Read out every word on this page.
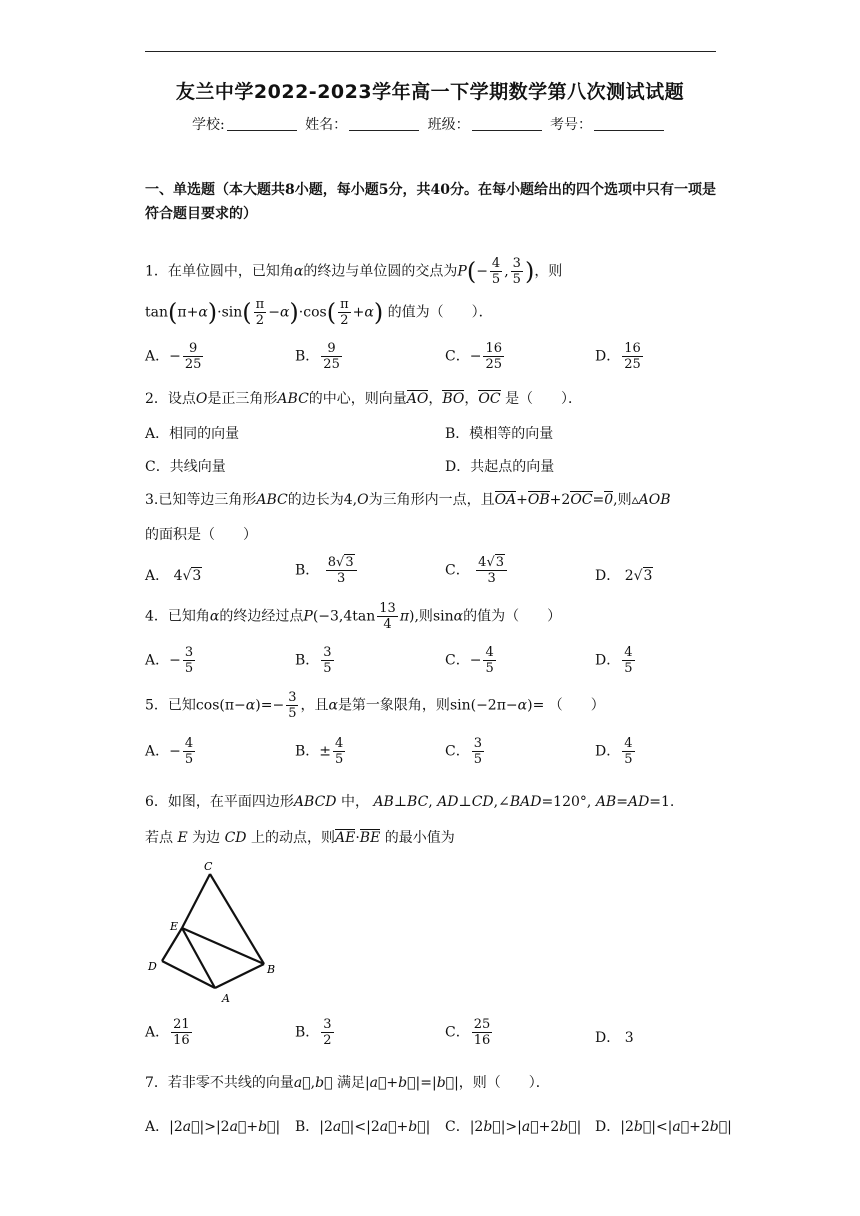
友兰中学2022-2023学年高一下学期数学第八次测试试题
学校:	姓名：	班级：	考号：
一、单选题（本大题共8小题，每小题5分，共40分。在每小题给出的四个选项中只有一项是符合题目要求的）
1．在单位圆中，已知角α的终边与单位圆的交点为$P(- \frac{4}{5}$ , $\frac{3}{5}$ )，则
$\tan(\pi+\alpha)\cdot\sin( \frac{\pi}{2} -\alpha)\cdot\cos( \frac{\pi}{2} +\alpha)$ 的值为（　　）．
A．− $\frac{9}{25}$	B． $\frac{9}{25}$	C．− $\frac{16}{25}$	D． $\frac{16}{25}$
2．设点O是正三角形ABC的中心，则向量AO，BO，OC 是（　　）．
A．相同的向量	B．模相等的向量
C．共线向量	D．共起点的向量
3.已知等边三角形ABC的边长为4,O为三角形内一点，且OA+OB+2OC=0,则▵AOB
的面积是（　　）
A． 4√3	B． $\frac{8√3}{3}$	C． $\frac{4√3}{3}$	D． 2√3
4．已知角α的终边经过点$P(-3,4\tan \frac{13}{4} \pi)$,则sinα的值为（　　）
A．− $\frac{3}{5}$	B． $\frac{3}{5}$	C．− $\frac{4}{5}$	D． $\frac{4}{5}$
5．已知$\cos(\pi-\alpha)=- \frac{3}{5}$ ，且α是第一象限角，则sin(−2π−α)= （　　）
A．− $\frac{4}{5}$	B．± $\frac{4}{5}$	C． $\frac{3}{5}$	D． $\frac{4}{5}$
6．如图，在平面四边形ABCD 中， AB⊥BC, AD⊥CD,∠BAD=120°, AB=AD=1.
若点 E 为边 CD 上的动点，则AE·BE 的最小值为
C
E
D	B
A
A． $\frac{21}{16}$	B． $\frac{3}{2}$	C． $\frac{25}{16}$	D． 3
7．若非零不共线的向量a⃗,b⃗ 满足|a⃗+b⃗|=|b⃗|，则（　　）．
A．|2a⃗|>|2a⃗+b⃗| B．|2a⃗|<|2a⃗+b⃗| C．|2b⃗|>|a⃗+2b⃗| D．|2b⃗|<|a⃗+2b⃗|
